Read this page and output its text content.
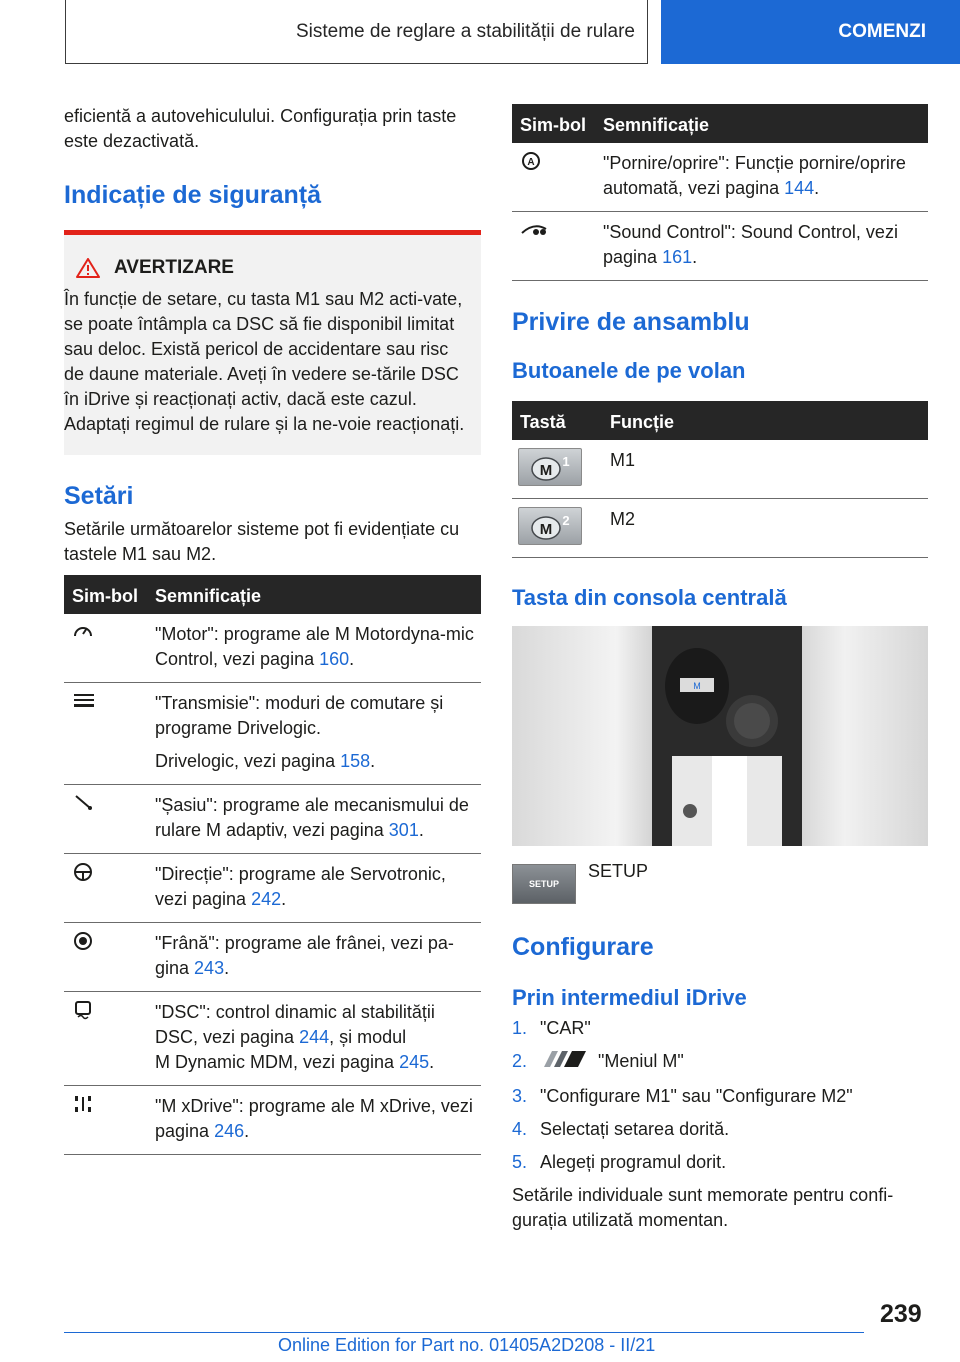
Sisteme de reglare a stabilității de rulare	COMENZI

eficientă a autovehiculului. Configurația prin taste este dezactivată.

Indicație de siguranță
AVERTIZARE

În funcție de setare, cu tasta M1 sau M2 acti‐vate, se poate întâmpla ca DSC să fie disponibil limitat sau deloc. Există pericol de accidentare sau risc de daune materiale. Aveți în vedere se‐tările DSC în iDrive și reacționați activ, dacă este cazul. Adaptați regimul de rulare și la ne‐voie reacționați.

Setări

Setările următoarelor sisteme pot fi evidențiate cu tastele M1 sau M2.

Sim‐bol	Semnificație

"Motor": programe ale M Motordyna‐mic Control, vezi pagina 160.

"Transmisie": moduri de comutare și programe Drivelogic.
Drivelogic, vezi pagina 158.

"Șasiu": programe ale mecanismului de rulare M adaptiv, vezi pagina 301.

"Direcție": programe ale Servotronic, vezi pagina 242.

"Frână": programe ale frânei, vezi pa‐gina 243.

"DSC": control dinamic al stabilității DSC, vezi pagina 244, și modul
M Dynamic MDM, vezi pagina 245.

"M xDrive": programe ale M xDrive, vezi pagina 246.
Sim‐bol	Semnificație

A	"Pornire/oprire": Funcție pornire/oprire automată, vezi pagina 144.

"Sound Control": Sound Control, vezi pagina 161.
Privire de ansamblu
Butoanele de pe volan
Tastă	Funcție

M
1	M1

M
2	M2
Tasta din consola centrală
M
SETUP
SETUP
Configurare
Prin intermediul iDrive
1. "CAR"
2.	"Meniul M"
3. "Configurare M1" sau "Configurare M2"
4. Selectați setarea dorită.
5. Alegeți programul dorit.

Setările individuale sunt memorate pentru confi‐gurația utilizată momentan.

239
Online Edition for Part no. 01405A2D208 - II/21
